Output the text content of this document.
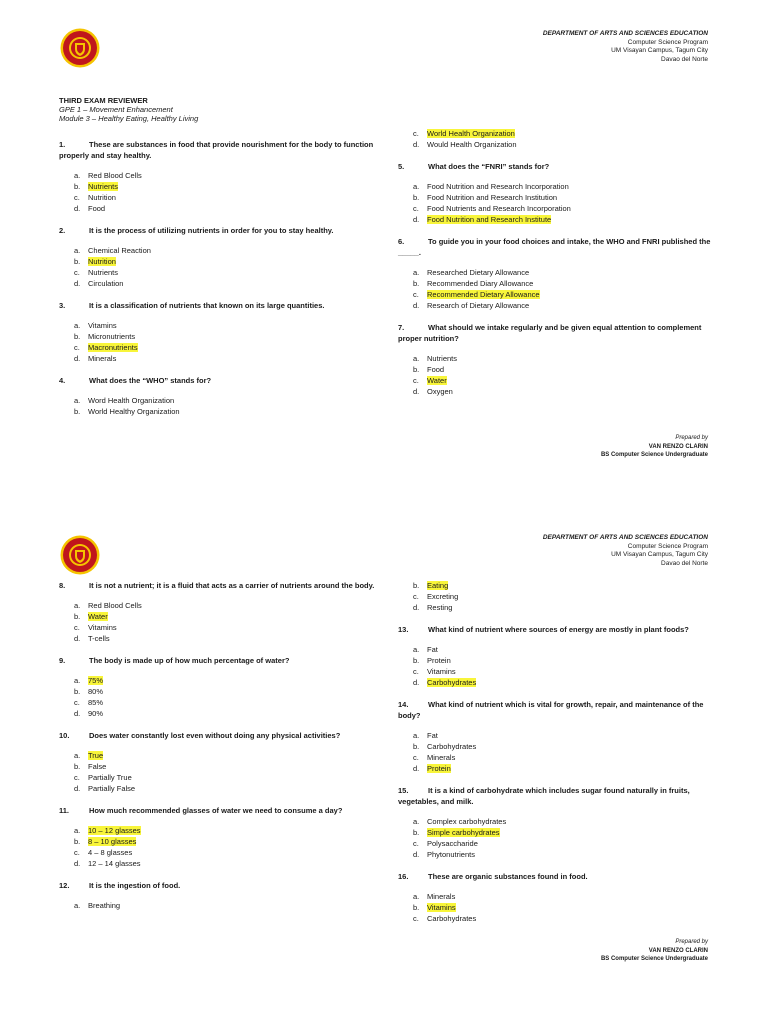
DEPARTMENT OF ARTS AND SCIENCES EDUCATION
Computer Science Program
UM Visayan Campus, Tagum City
Davao del Norte
THIRD EXAM REVIEWER
GPE 1 – Movement Enhancement
Module 3 – Healthy Eating, Healthy Living
1.	These are substances in food that provide nourishment for the body to function properly and stay healthy.
a. Red Blood Cells
b. Nutrients
c. Nutrition
d. Food
2.	It is the process of utilizing nutrients in order for you to stay healthy.
a. Chemical Reaction
b. Nutrition
c. Nutrients
d. Circulation
3.	It is a classification of nutrients that known on its large quantities.
a. Vitamins
b. Micronutrients
c. Macronutrients
d. Minerals
4.	What does the “WHO” stands for?
a. Word Health Organization
b. World Healthy Organization
c. World Health Organization
d. Would Health Organization
5.	What does the “FNRI” stands for?
a. Food Nutrition and Research Incorporation
b. Food Nutrition and Research Institution
c. Food Nutrients and Research Incorporation
d. Food Nutrition and Research Institute
6.	To guide you in your food choices and intake, the WHO and FNRI published the _____.
a. Researched Dietary Allowance
b. Recommended Diary Allowance
c. Recommended Dietary Allowance
d. Research of Dietary Allowance
7.	What should we intake regularly and be given equal attention to complement proper nutrition?
a. Nutrients
b. Food
c. Water
d. Oxygen
Prepared by
VAN RENZO CLARIN
BS Computer Science Undergraduate
DEPARTMENT OF ARTS AND SCIENCES EDUCATION
Computer Science Program
UM Visayan Campus, Tagum City
Davao del Norte
8.	It is not a nutrient; it is a fluid that acts as a carrier of nutrients around the body.
a. Red Blood Cells
b. Water
c. Vitamins
d. T-cells
9.	The body is made up of how much percentage of water?
a. 75%
b. 80%
c. 85%
d. 90%
10.	Does water constantly lost even without doing any physical activities?
a. True
b. False
c. Partially True
d. Partially False
11.	How much recommended glasses of water we need to consume a day?
a. 10 – 12 glasses
b. 8 – 10 glasses
c. 4 – 8 glasses
d. 12 – 14 glasses
12.	It is the ingestion of food.
a. Breathing
b. Eating
c. Excreting
d. Resting
13.	What kind of nutrient where sources of energy are mostly in plant foods?
a. Fat
b. Protein
c. Vitamins
d. Carbohydrates
14.	What kind of nutrient which is vital for growth, repair, and maintenance of the body?
a. Fat
b. Carbohydrates
c. Minerals
d. Protein
15.	It is a kind of carbohydrate which includes sugar found naturally in fruits, vegetables, and milk.
a. Complex carbohydrates
b. Simple carbohydrates
c. Polysaccharide
d. Phytonutrients
16.	These are organic substances found in food.
a. Minerals
b. Vitamins
c. Carbohydrates
Prepared by
VAN RENZO CLARIN
BS Computer Science Undergraduate
